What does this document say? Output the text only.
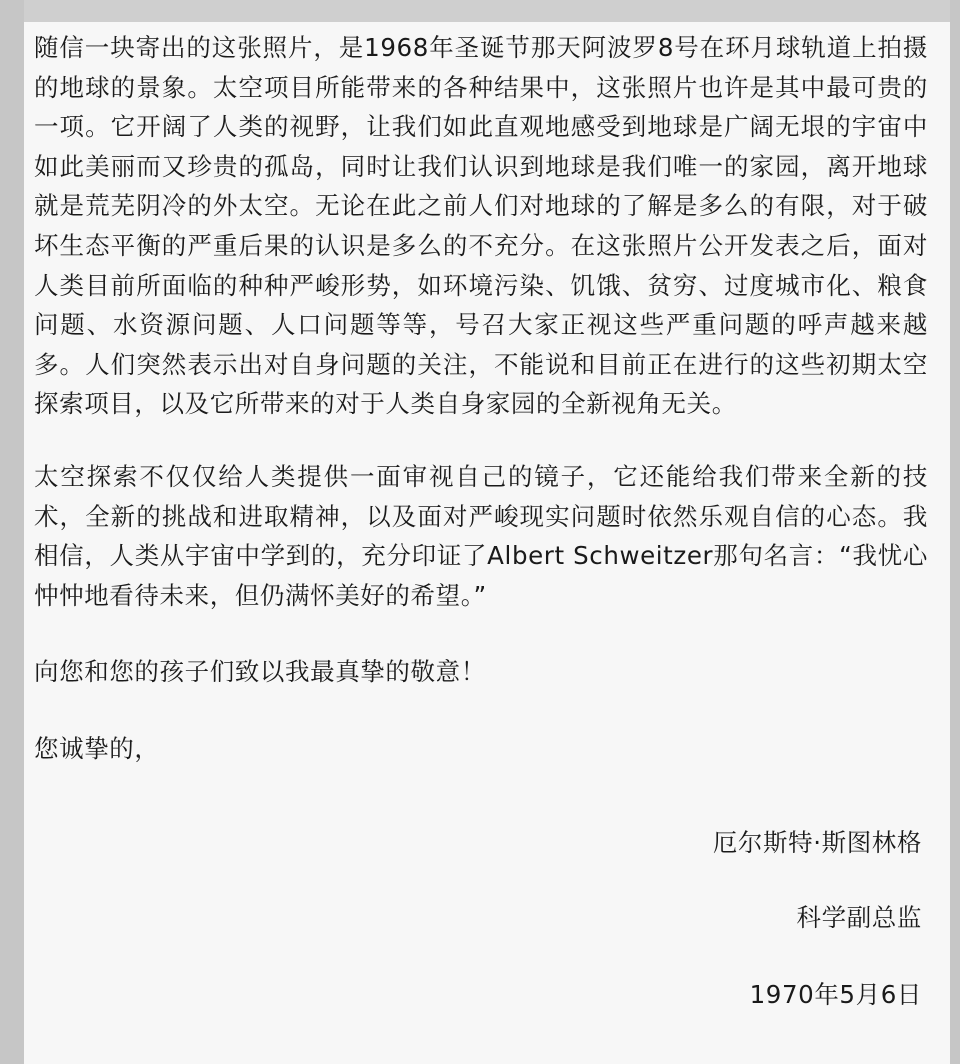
随信一块寄出的这张照片，是1968年圣诞节那天阿波罗8号在环月球轨道上拍摄的地球的景象。太空项目所能带来的各种结果中，这张照片也许是其中最可贵的一项。它开阔了人类的视野，让我们如此直观地感受到地球是广阔无垠的宇宙中如此美丽而又珍贵的孤岛，同时让我们认识到地球是我们唯一的家园，离开地球就是荒芜阴冷的外太空。无论在此之前人们对地球的了解是多么的有限，对于破坏生态平衡的严重后果的认识是多么的不充分。在这张照片公开发表之后，面对人类目前所面临的种种严峻形势，如环境污染、饥饿、贫穷、过度城市化、粮食问题、水资源问题、人口问题等等，号召大家正视这些严重问题的呼声越来越多。人们突然表示出对自身问题的关注，不能说和目前正在进行的这些初期太空探索项目，以及它所带来的对于人类自身家园的全新视角无关。

太空探索不仅仅给人类提供一面审视自己的镜子，它还能给我们带来全新的技术，全新的挑战和进取精神，以及面对严峻现实问题时依然乐观自信的心态。我相信，人类从宇宙中学到的，充分印证了Albert Schweitzer那句名言：“我忧心忡忡地看待未来，但仍满怀美好的希望。”

向您和您的孩子们致以我最真挚的敬意！

您诚挚的，

厄尔斯特·斯图林格

科学副总监

1970年5月6日
